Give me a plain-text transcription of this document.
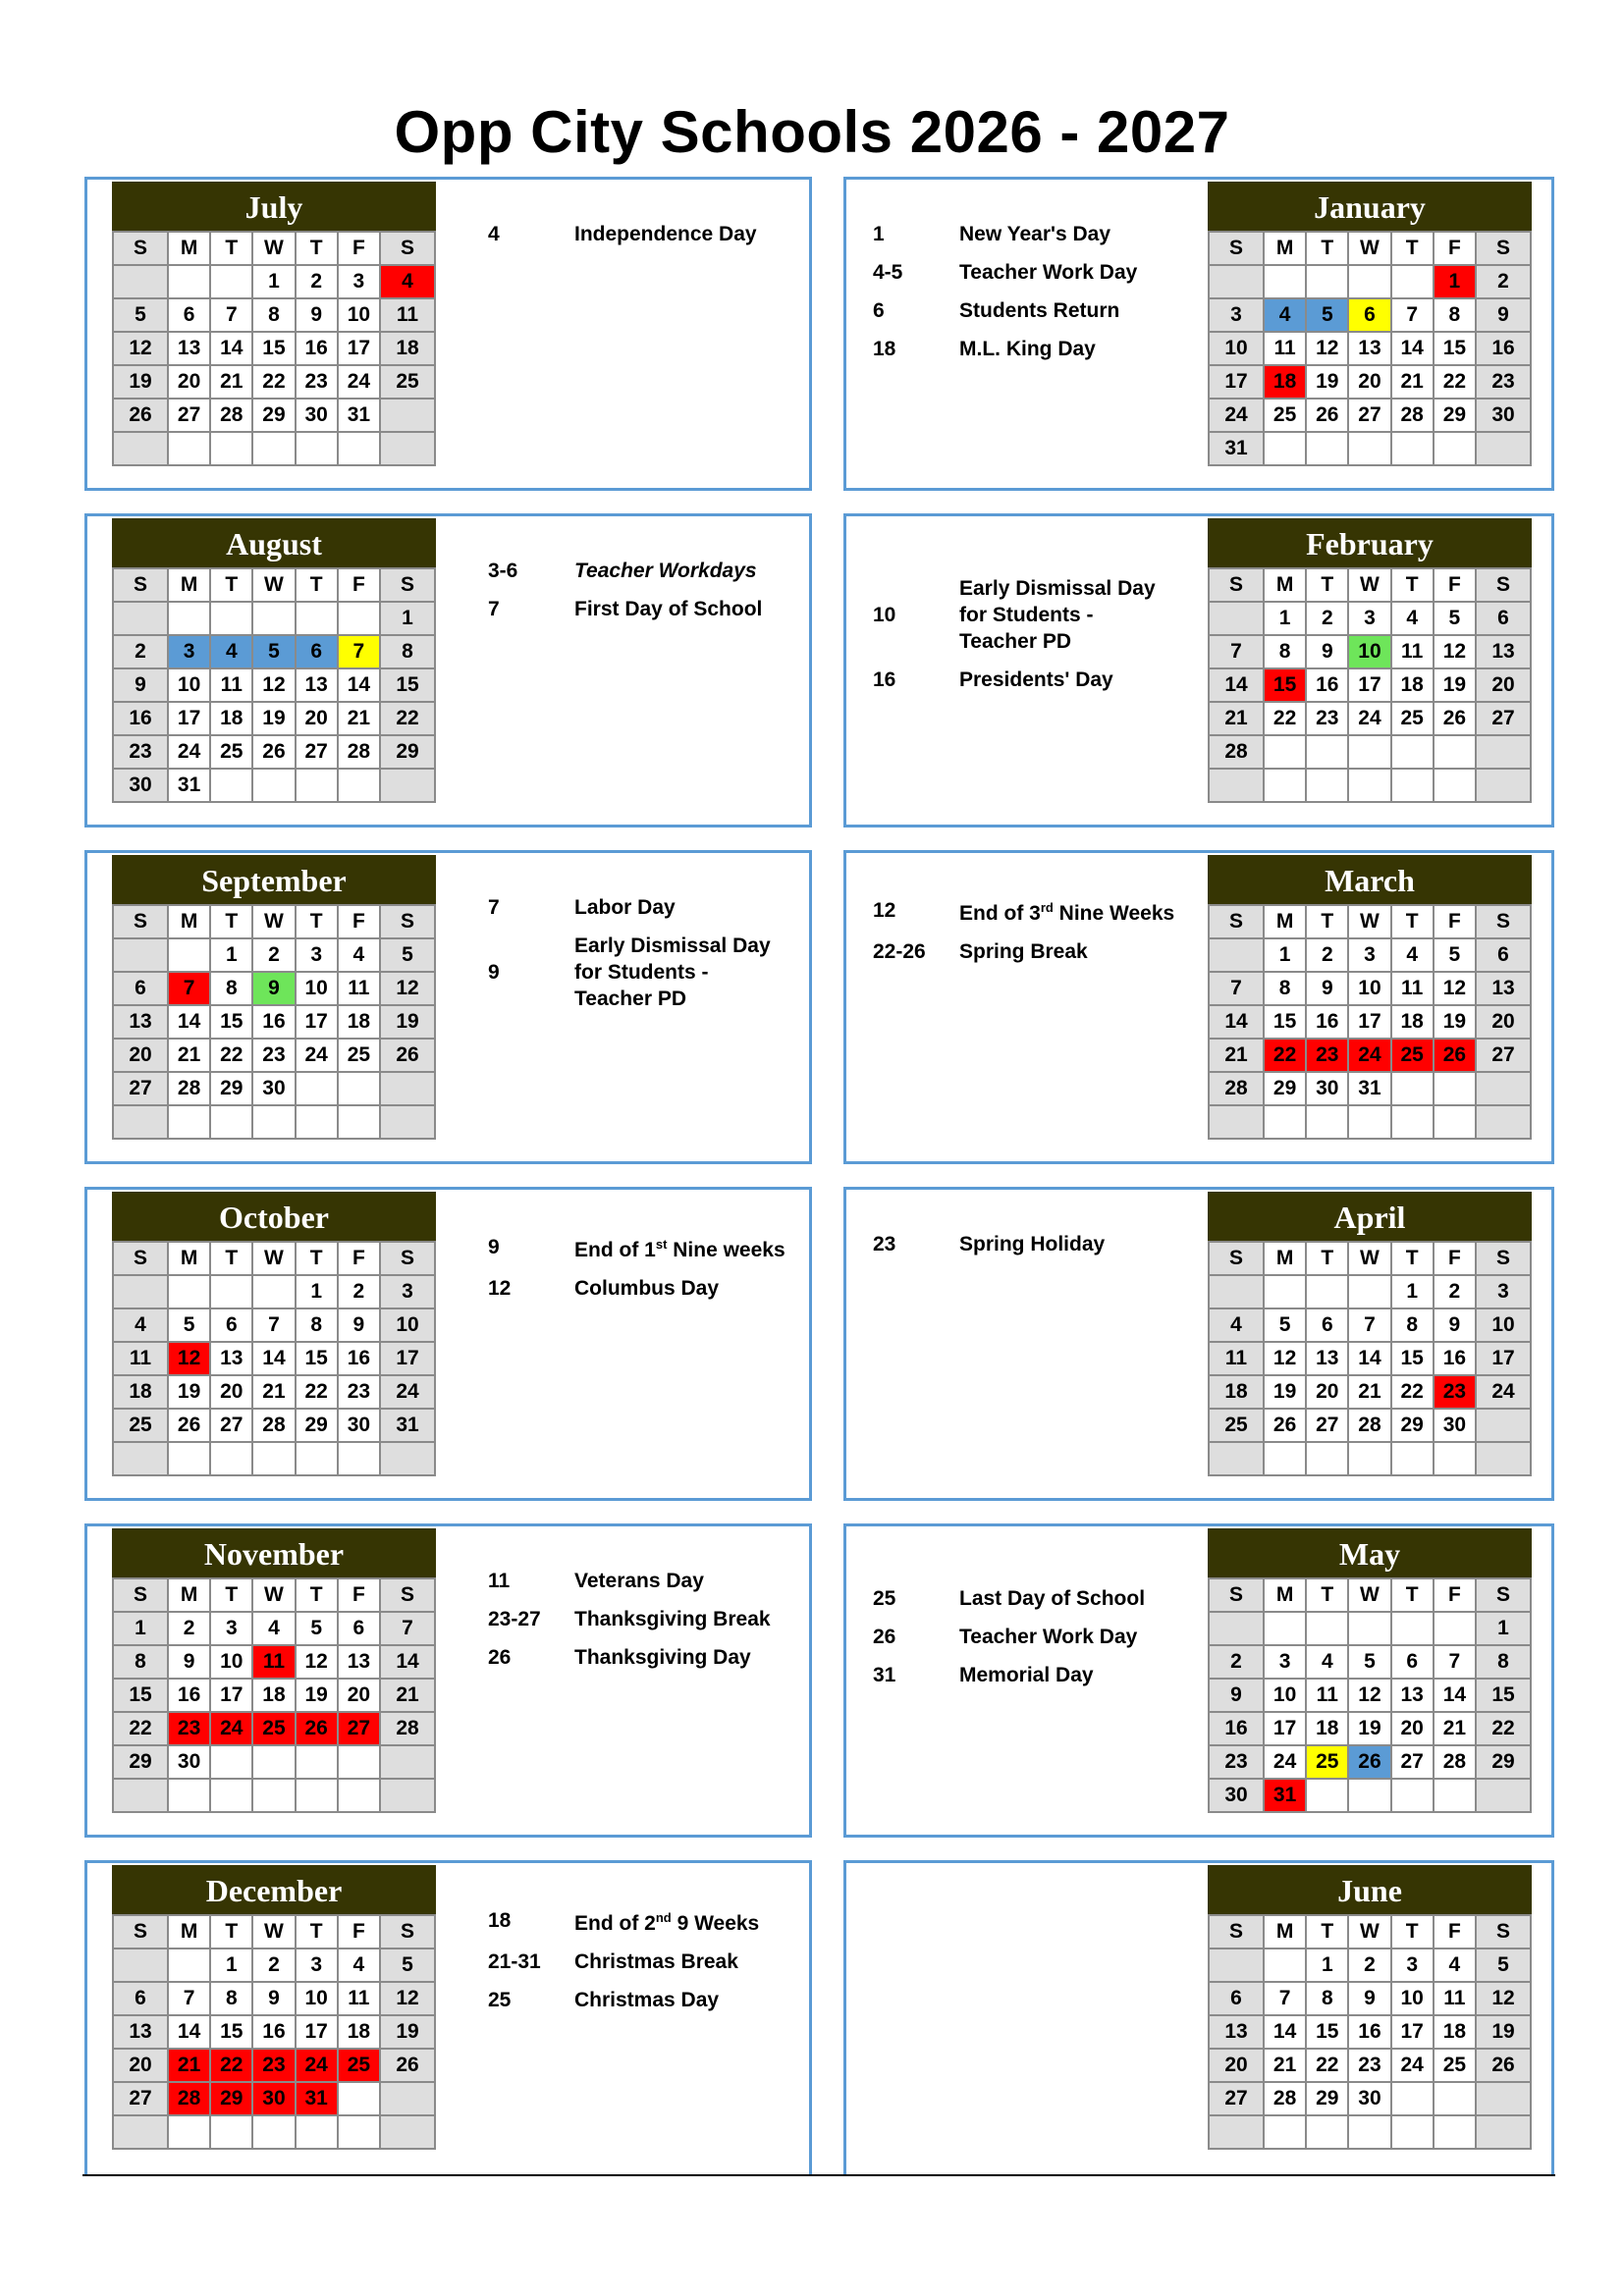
Opp City Schools 2026 - 2027
July
S	M	T	W	T	F	S
			1	2	3	4
5	6	7	8	9	10	11
12	13	14	15	16	17	18
19	20	21	22	23	24	25
26	27	28	29	30	31	

4	Independence Day
August
S	M	T	W	T	F	S
						1
2	3	4	5	6	7	8
9	10	11	12	13	14	15
16	17	18	19	20	21	22
23	24	25	26	27	28	29
30	31					
3-6	Teacher Workdays
7	First Day of School
September
S	M	T	W	T	F	S
		1	2	3	4	5
6	7	8	9	10	11	12
13	14	15	16	17	18	19
20	21	22	23	24	25	26
27	28	29	30			

7	Labor Day
9
Early Dismissal Day for Students - Teacher PD
October
S	M	T	W	T	F	S
				1	2	3
4	5	6	7	8	9	10
11	12	13	14	15	16	17
18	19	20	21	22	23	24
25	26	27	28	29	30	31

9	End of 1st Nine weeks
12	Columbus Day
November
S	M	T	W	T	F	S
1	2	3	4	5	6	7
8	9	10	11	12	13	14
15	16	17	18	19	20	21
22	23	24	25	26	27	28
29	30					

11	Veterans Day
23-27	Thanksgiving Break
26	Thanksgiving Day
December
S	M	T	W	T	F	S
		1	2	3	4	5
6	7	8	9	10	11	12
13	14	15	16	17	18	19
20	21	22	23	24	25	26
27	28	29	30	31		

18	End of 2nd 9 Weeks
21-31	Christmas Break
25	Christmas Day
January
S	M	T	W	T	F	S
					1	2
3	4	5	6	7	8	9
10	11	12	13	14	15	16
17	18	19	20	21	22	23
24	25	26	27	28	29	30
31						
1	New Year's Day
4-5	Teacher Work Day
6	Students Return
18	M.L. King Day
February
S	M	T	W	T	F	S
	1	2	3	4	5	6
7	8	9	10	11	12	13
14	15	16	17	18	19	20
21	22	23	24	25	26	27
28						

10
Early Dismissal Day for Students - Teacher PD
16	Presidents' Day
March
S	M	T	W	T	F	S
	1	2	3	4	5	6
7	8	9	10	11	12	13
14	15	16	17	18	19	20
21	22	23	24	25	26	27
28	29	30	31			

12	End of 3rd Nine Weeks
22-26	Spring Break
April
S	M	T	W	T	F	S
				1	2	3
4	5	6	7	8	9	10
11	12	13	14	15	16	17
18	19	20	21	22	23	24
25	26	27	28	29	30	

23	Spring Holiday
May
S	M	T	W	T	F	S
						1
2	3	4	5	6	7	8
9	10	11	12	13	14	15
16	17	18	19	20	21	22
23	24	25	26	27	28	29
30	31					
25	Last Day of School
26	Teacher Work Day
31	Memorial Day
June
S	M	T	W	T	F	S
		1	2	3	4	5
6	7	8	9	10	11	12
13	14	15	16	17	18	19
20	21	22	23	24	25	26
27	28	29	30			
